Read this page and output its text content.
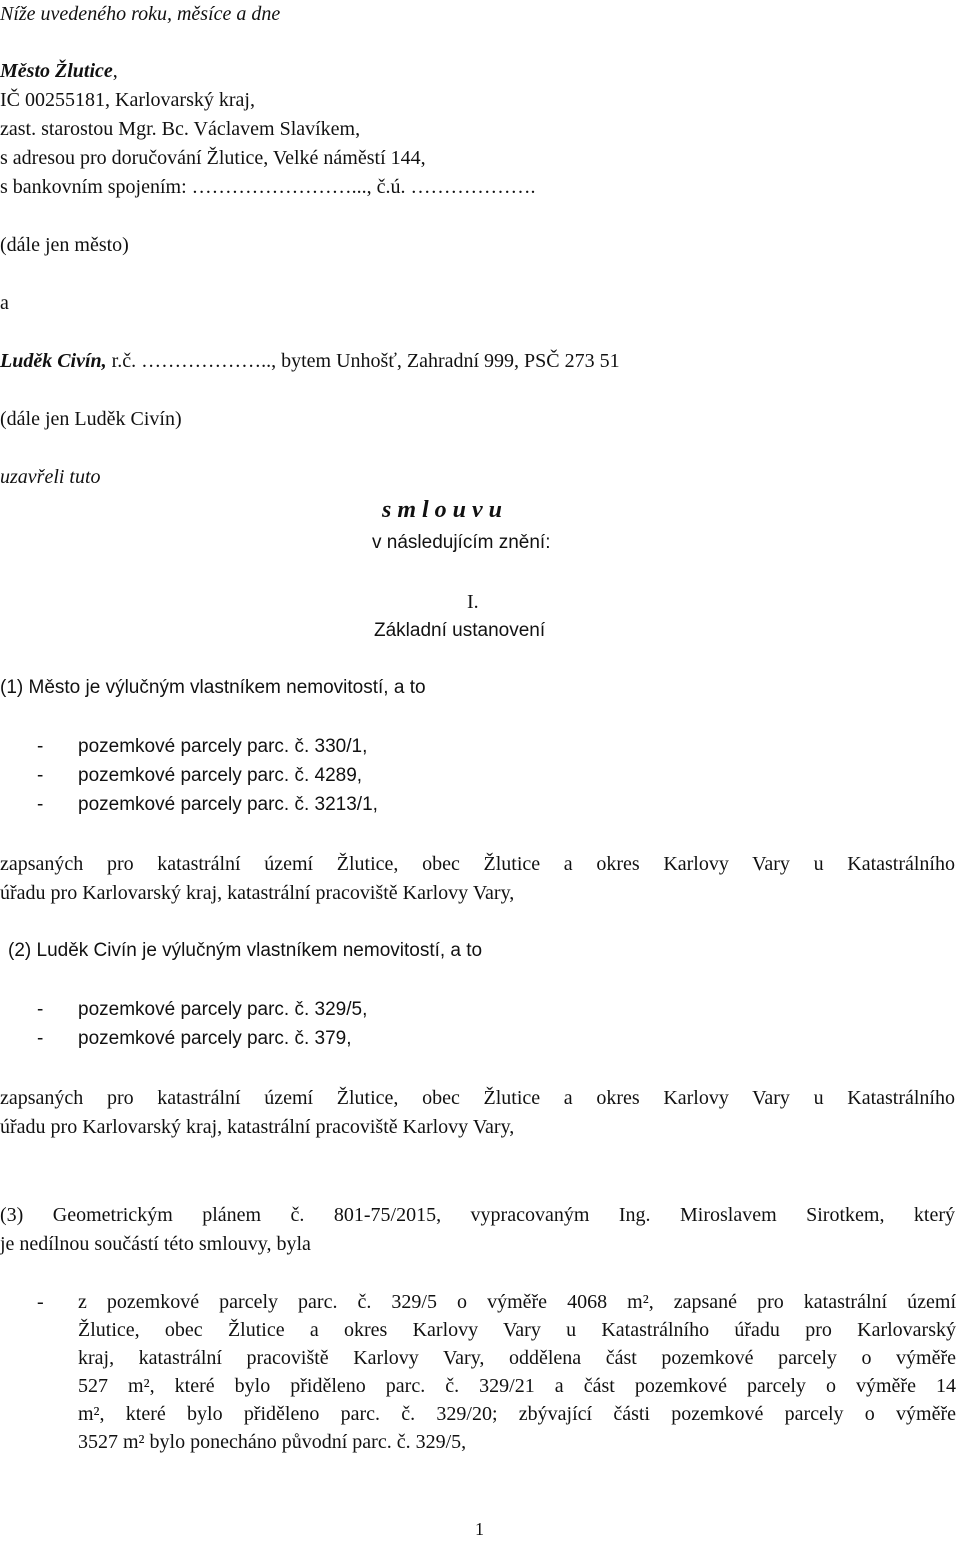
Níže uvedeného roku, měsíce a dne
Město Žlutice,
IČ 00255181, Karlovarský kraj,
zast. starostou Mgr. Bc. Václavem Slavíkem,
s adresou pro doručování Žlutice, Velké náměstí 144,
s bankovním spojením: ……………………..., č.ú. ……………….
(dále jen město)
a
Luděk Civín, r.č. ……………….., bytem Unhošť, Zahradní 999, PSČ 273 51
(dále jen Luděk Civín)
uzavřeli tuto
s m l o u v u
v následujícím znění:
I.
Základní ustanovení
(1) Město je výlučným vlastníkem nemovitostí, a to
- pozemkové parcely parc. č. 330/1,
- pozemkové parcely parc. č. 4289,
- pozemkové parcely parc. č. 3213/1,
zapsaných pro katastrální území Žlutice, obec Žlutice a okres Karlovy Vary u Katastrálního
úřadu pro Karlovarský kraj, katastrální pracoviště Karlovy Vary,
(2) Luděk Civín je výlučným vlastníkem nemovitostí, a to
- pozemkové parcely parc. č. 329/5,
- pozemkové parcely parc. č. 379,
zapsaných pro katastrální území Žlutice, obec Žlutice a okres Karlovy Vary u Katastrálního
úřadu pro Karlovarský kraj, katastrální pracoviště Karlovy Vary,
(3) Geometrickým plánem č. 801-75/2015, vypracovaným Ing. Miroslavem Sirotkem, který
je nedílnou součástí této smlouvy, byla
- z pozemkové parcely parc. č. 329/5 o výměře 4068 m², zapsané pro katastrální území
Žlutice, obec Žlutice a okres Karlovy Vary u Katastrálního úřadu pro Karlovarský
kraj, katastrální pracoviště Karlovy Vary, oddělena část pozemkové parcely o výměře
527 m², které bylo přiděleno parc. č. 329/21 a část pozemkové parcely o výměře 14
m², které bylo přiděleno parc. č. 329/20; zbývající části pozemkové parcely o výměře
3527 m² bylo ponecháno původní parc. č. 329/5,
1
